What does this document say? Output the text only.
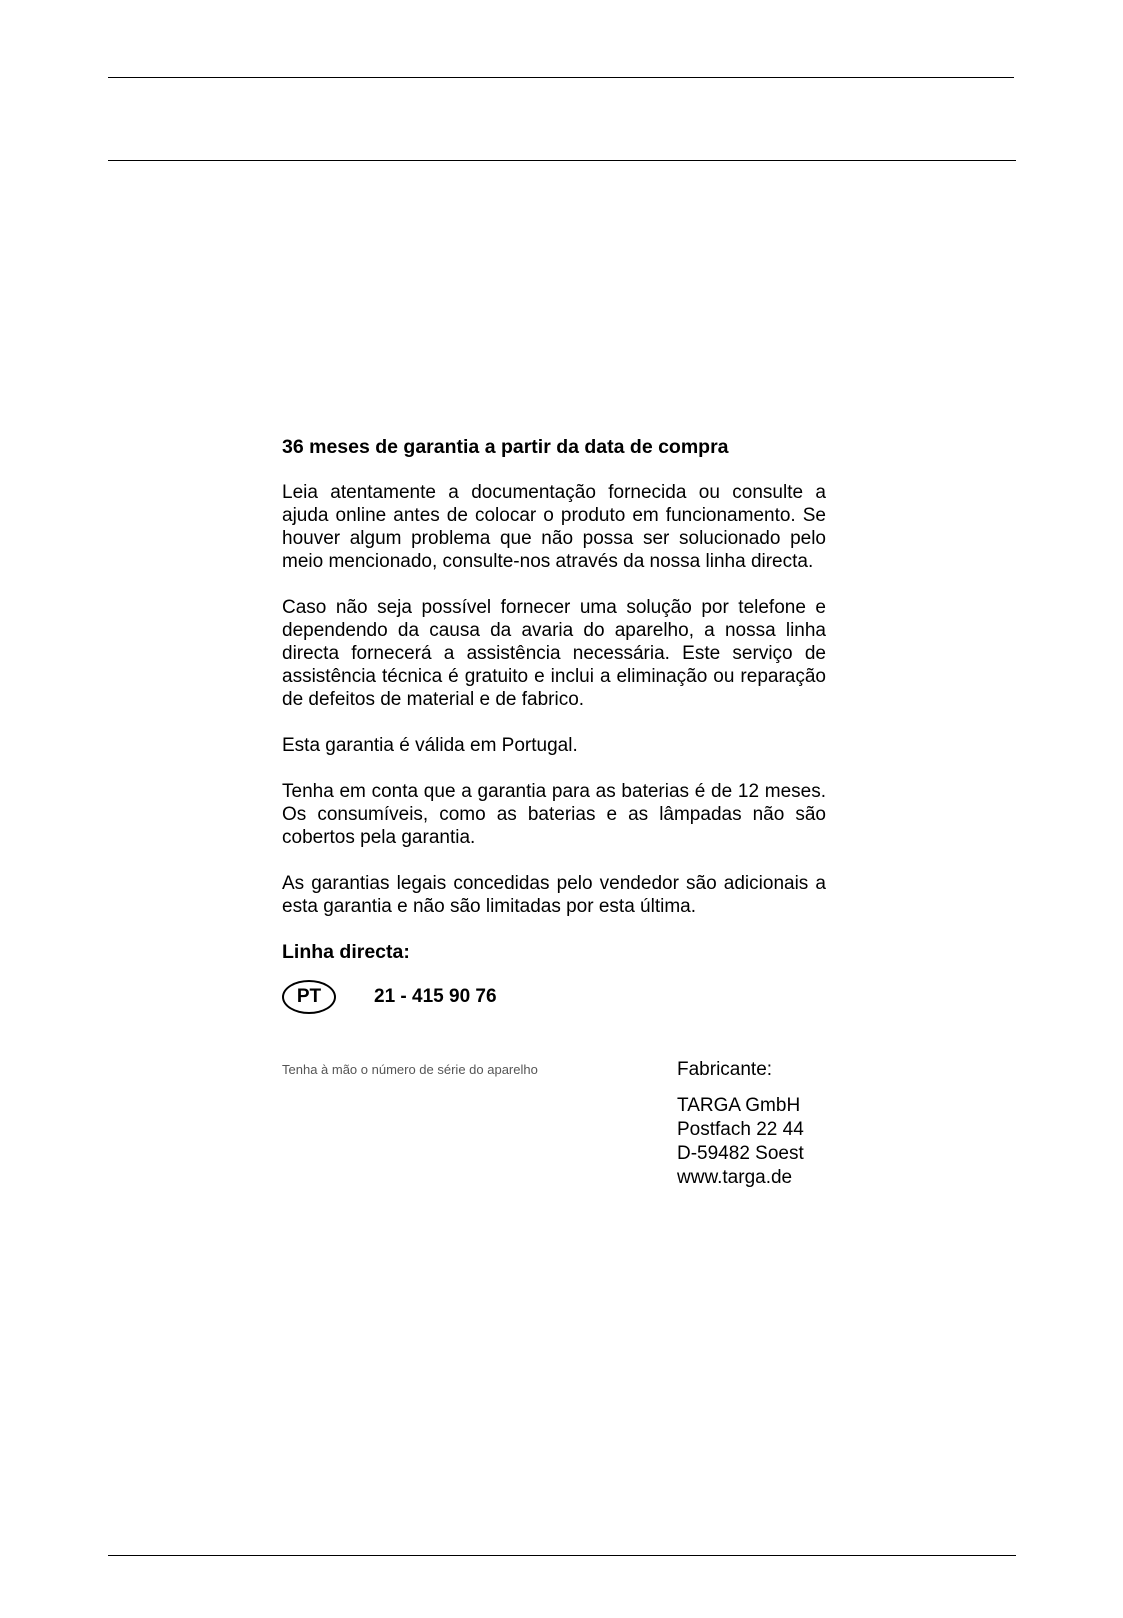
36 meses de garantia a partir da data de compra

Leia atentamente a documentação fornecida ou consulte a ajuda online antes de colocar o produto em funcionamento. Se houver algum problema que não possa ser solucionado pelo meio mencionado, consulte-nos através da nossa linha directa.

Caso não seja possível fornecer uma solução por telefone e dependendo da causa da avaria do aparelho, a nossa linha directa fornecerá a assistência necessária. Este serviço de assistência técnica é gratuito e inclui a eliminação ou reparação de defeitos de material e de fabrico.

Esta garantia é válida em Portugal.

Tenha em conta que a garantia para as baterias é de 12 meses. Os consumíveis, como as baterias e as lâmpadas não são cobertos pela garantia.

As garantias legais concedidas pelo vendedor são adicionais a esta garantia e não são limitadas por esta última.

Linha directa:
PT	21 - 415 90 76
Tenha à mão o número de série do aparelho	Fabricante:
TARGA GmbH
Postfach 22 44
D-59482 Soest
www.targa.de
